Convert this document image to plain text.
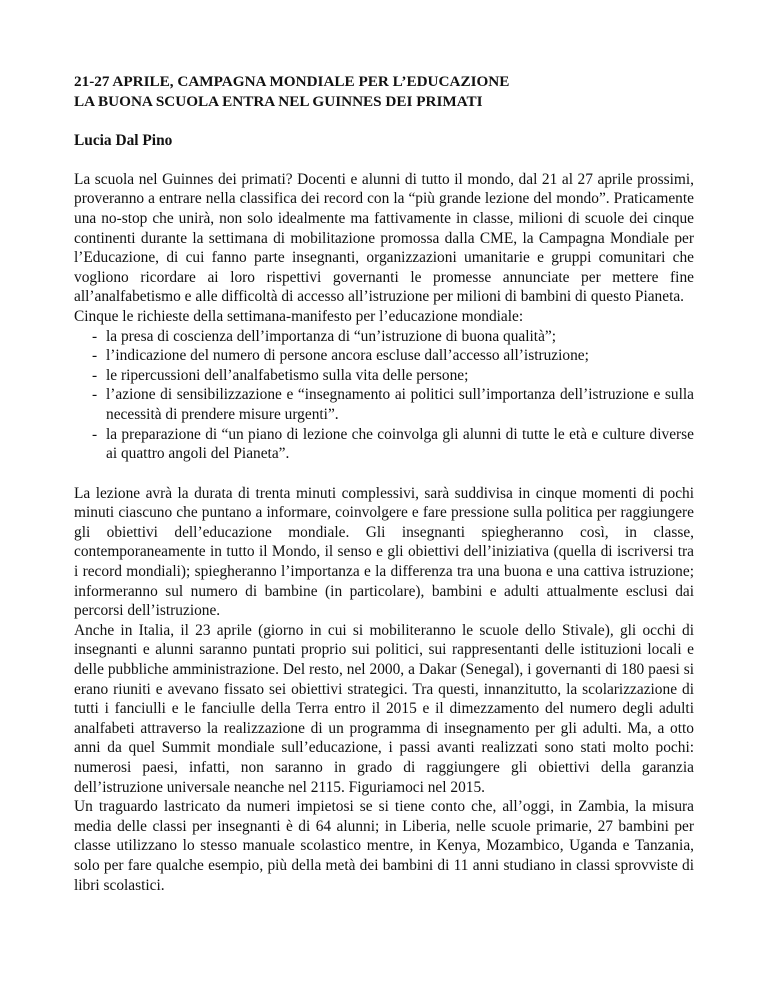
21-27 APRILE, CAMPAGNA MONDIALE PER L’EDUCAZIONE
LA BUONA SCUOLA ENTRA NEL GUINNES DEI PRIMATI
Lucia Dal Pino

La scuola nel Guinnes dei primati? Docenti e alunni di tutto il mondo, dal 21 al 27 aprile prossimi, proveranno a entrare nella classifica dei record con la “più grande lezione del mondo”. Praticamente una no-stop che unirà, non solo idealmente ma fattivamente in classe, milioni di scuole dei cinque continenti durante la settimana di mobilitazione promossa dalla CME, la Campagna Mondiale per l’Educazione, di cui fanno parte insegnanti, organizzazioni umanitarie e gruppi comunitari che vogliono ricordare ai loro rispettivi governanti le promesse annunciate per mettere fine all’analfabetismo e alle difficoltà di accesso all’istruzione per milioni di bambini di questo Pianeta.

Cinque le richieste della settimana-manifesto per l’educazione mondiale:

- la presa di coscienza dell’importanza di “un’istruzione di buona qualità”;
- l’indicazione del numero di persone ancora escluse dall’accesso all’istruzione;
- le ripercussioni dell’analfabetismo sulla vita delle persone;
- l’azione di sensibilizzazione e “insegnamento ai politici sull’importanza dell’istruzione e sulla necessità di prendere misure urgenti”.
- la preparazione di “un piano di lezione che coinvolga gli alunni di tutte le età e culture diverse ai quattro angoli del Pianeta”.

La lezione avrà la durata di trenta minuti complessivi, sarà suddivisa in cinque momenti di pochi minuti ciascuno che puntano a informare, coinvolgere e fare pressione sulla politica per raggiungere gli obiettivi dell’educazione mondiale. Gli insegnanti spiegheranno così, in classe, contemporaneamente in tutto il Mondo, il senso e gli obiettivi dell’iniziativa (quella di iscriversi tra i record mondiali); spiegheranno l’importanza e la differenza tra una buona e una cattiva istruzione; informeranno sul numero di bambine (in particolare), bambini e adulti attualmente esclusi dai percorsi dell’istruzione.

Anche in Italia, il 23 aprile (giorno in cui si mobiliteranno le scuole dello Stivale), gli occhi di insegnanti e alunni saranno puntati proprio sui politici, sui rappresentanti delle istituzioni locali e delle pubbliche amministrazione. Del resto, nel 2000, a Dakar (Senegal), i governanti di 180 paesi si erano riuniti e avevano fissato sei obiettivi strategici. Tra questi, innanzitutto, la scolarizzazione di tutti i fanciulli e le fanciulle della Terra entro il 2015 e il dimezzamento del numero degli adulti analfabeti attraverso la realizzazione di un programma di insegnamento per gli adulti. Ma, a otto anni da quel Summit mondiale sull’educazione, i passi avanti realizzati sono stati molto pochi: numerosi paesi, infatti, non saranno in grado di raggiungere gli obiettivi della garanzia dell’istruzione universale neanche nel 2115. Figuriamoci nel 2015.

Un traguardo lastricato da numeri impietosi se si tiene conto che, all’oggi, in Zambia, la misura media delle classi per insegnanti è di 64 alunni; in Liberia, nelle scuole primarie, 27 bambini per classe utilizzano lo stesso manuale scolastico mentre, in Kenya, Mozambico, Uganda e Tanzania, solo per fare qualche esempio, più della metà dei bambini di 11 anni studiano in classi sprovviste di libri scolastici.
